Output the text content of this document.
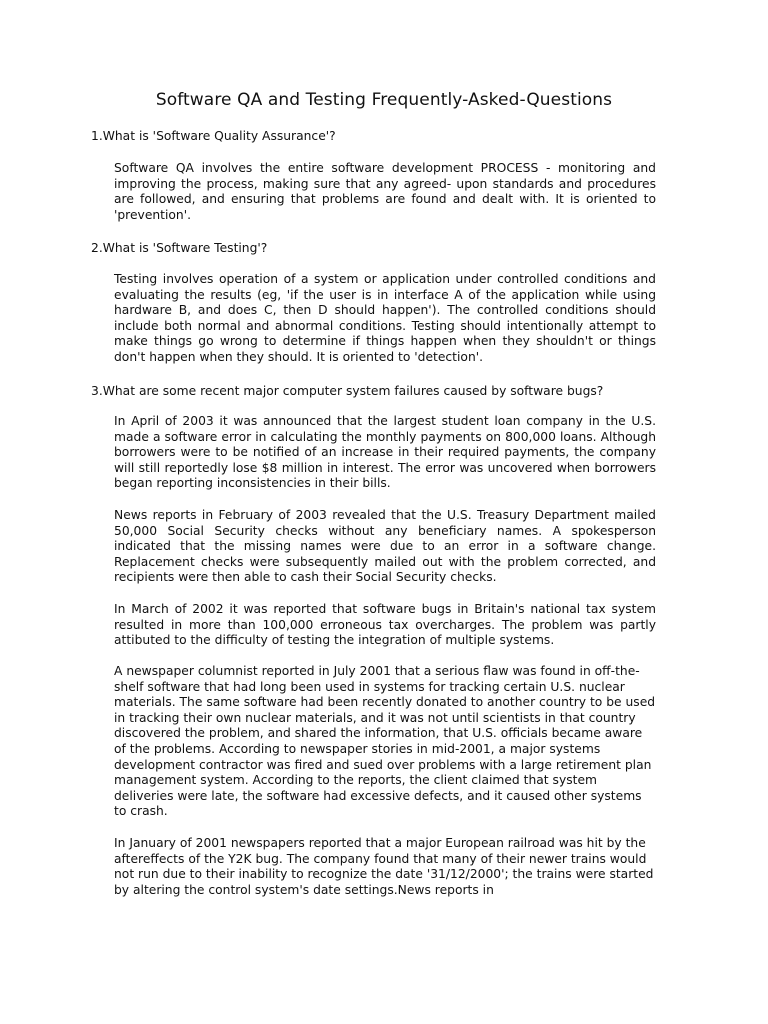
Software QA and Testing Frequently-Asked-Questions

1.What is 'Software Quality Assurance'?

Software QA involves the entire software development PROCESS - monitoring and improving the process, making sure that any agreed- upon standards and procedures are followed, and ensuring that problems are found and dealt with. It is oriented to 'prevention'.

2.What is 'Software Testing'?

Testing involves operation of a system or application under controlled conditions and evaluating the results (eg, 'if the user is in interface A of the application while using hardware B, and does C, then D should happen'). The controlled conditions should include both normal and abnormal conditions. Testing should intentionally attempt to make things go wrong to determine if things happen when they shouldn't or things don't happen when they should. It is oriented to 'detection'.

3.What are some recent major computer system failures caused by software bugs?

In April of 2003 it was announced that the largest student loan company in the U.S. made a software error in calculating the monthly payments on 800,000 loans. Although borrowers were to be notified of an increase in their required payments, the company will still reportedly lose $8 million in interest. The error was uncovered when borrowers began reporting inconsistencies in their bills.

News reports in February of 2003 revealed that the U.S. Treasury Department mailed 50,000 Social Security checks without any beneficiary names. A spokesperson indicated that the missing names were due to an error in a software change. Replacement checks were subsequently mailed out with the problem corrected, and recipients were then able to cash their Social Security checks.

In March of 2002 it was reported that software bugs in Britain's national tax system resulted in more than 100,000 erroneous tax overcharges. The problem was partly attibuted to the difficulty of testing the integration of multiple systems.

A newspaper columnist reported in July 2001 that a serious flaw was found in off-the-shelf software that had long been used in systems for tracking certain U.S. nuclear materials. The same software had been recently donated to another country to be used in tracking their own nuclear materials, and it was not until scientists in that country discovered the problem, and shared the information, that U.S. officials became aware of the problems. According to newspaper stories in mid-2001, a major systems development contractor was fired and sued over problems with a large retirement plan management system. According to the reports, the client claimed that system deliveries were late, the software had excessive defects, and it caused other systems to crash.

In January of 2001 newspapers reported that a major European railroad was hit by the aftereffects of the Y2K bug. The company found that many of their newer trains would not run due to their inability to recognize the date '31/12/2000'; the trains were started by altering the control system's date settings.News reports in
